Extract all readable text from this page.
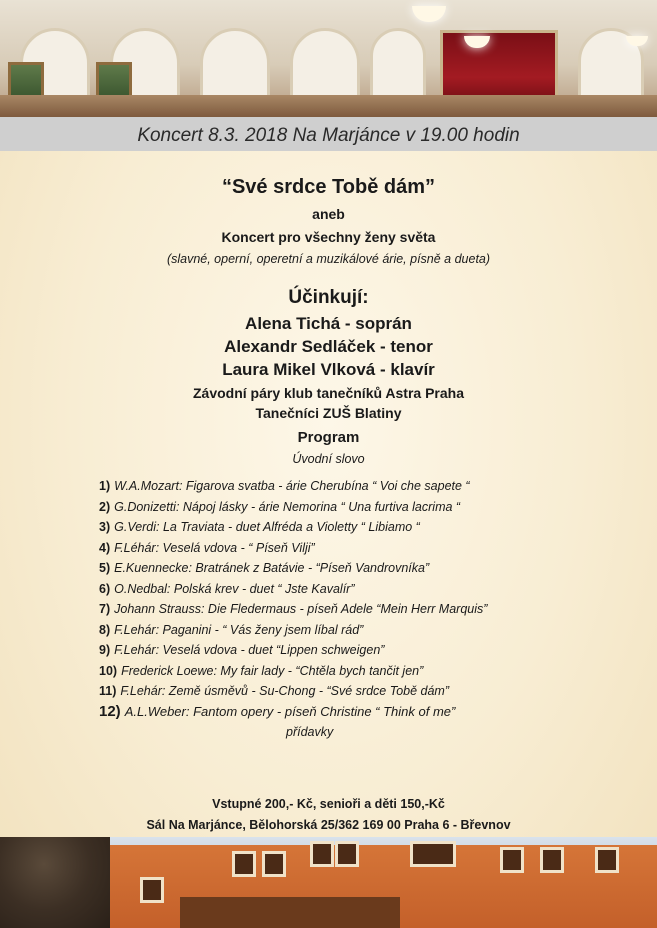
Koncert 8.3. 2018 Na Marjánce v 19.00 hodin
“Své srdce Tobě dám”
aneb
Koncert pro všechny ženy světa
(slavné, operní, operetní a muzikálové árie, písně a dueta)
Účinkují:
Alena Tichá - soprán
Alexandr Sedláček - tenor
Laura Mikel Vlková - klavír
Závodní páry klub tanečníků Astra Praha
Tanečníci ZUŠ Blatiny
Program
Úvodní slovo
1) W.A.Mozart: Figarova svatba - árie Cherubína “ Voi che sapete “
2) G.Donizetti: Nápoj lásky - árie Nemorina “ Una furtiva lacrima “
3) G.Verdi: La Traviata - duet Alfréda a Violetty “ Libiamo “
4) F.Léhár: Veselá vdova - “ Píseň Vilji”
5) E.Kuennecke: Bratránek z Batávie - “Píseň Vandrovníka”
6) O.Nedbal: Polská krev - duet “ Jste Kavalír”
7) Johann Strauss: Die Fledermaus - píseň Adele “Mein Herr Marquis”
8) F.Lehár: Paganini - “ Vás ženy jsem líbal rád”
9) F.Lehár: Veselá vdova - duet “Lippen schweigen”
10) Frederick Loewe: My fair lady - “Chtěla bych tančit jen”
11) F.Lehár: Země úsměvů - Su-Chong - “Své srdce Tobě dám”
12) A.L.Weber: Fantom opery - píseň Christine “ Think of me”
přídavky
Vstupné 200,- Kč, senioři a děti 150,-Kč
Sál Na Marjánce, Bělohorská 25/362 169 00 Praha 6 - Břevnov
